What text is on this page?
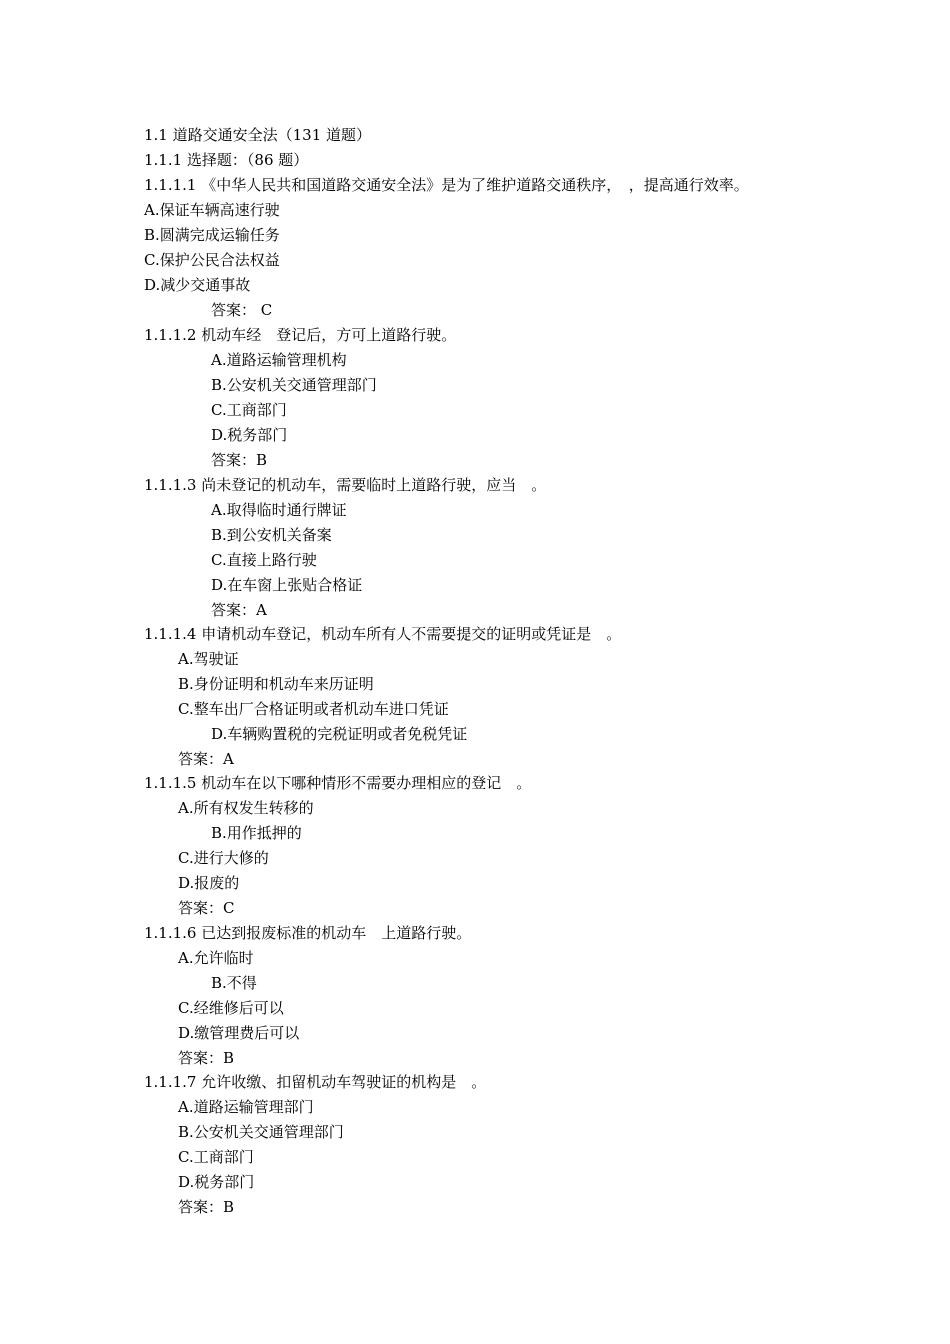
1.1 道路交通安全法（131 道题）
1.1.1 选择题：（86 题）
1.1.1.1 《中华人民共和国道路交通安全法》是为了维护道路交通秩序，　，提高通行效率。
A.保证车辆高速行驶
B.圆满完成运输任务
C.保护公民合法权益
D.减少交通事故
答案： C
1.1.1.2 机动车经　登记后，方可上道路行驶。
A.道路运输管理机构
B.公安机关交通管理部门
C.工商部门
D.税务部门
答案：B
1.1.1.3 尚未登记的机动车，需要临时上道路行驶，应当　。
A.取得临时通行牌证
B.到公安机关备案
C.直接上路行驶
D.在车窗上张贴合格证
答案：A
1.1.1.4 申请机动车登记，机动车所有人不需要提交的证明或凭证是　。
A.驾驶证
B.身份证明和机动车来历证明
C.整车出厂合格证明或者机动车进口凭证
D.车辆购置税的完税证明或者免税凭证
答案：A
1.1.1.5 机动车在以下哪种情形不需要办理相应的登记　。
A.所有权发生转移的
B.用作抵押的
C.进行大修的
D.报废的
答案：C
1.1.1.6 已达到报废标准的机动车　上道路行驶。
A.允许临时
B.不得
C.经维修后可以
D.缴管理费后可以
答案：B
1.1.1.7 允许收缴、扣留机动车驾驶证的机构是　。
A.道路运输管理部门
B.公安机关交通管理部门
C.工商部门
D.税务部门
答案：B
